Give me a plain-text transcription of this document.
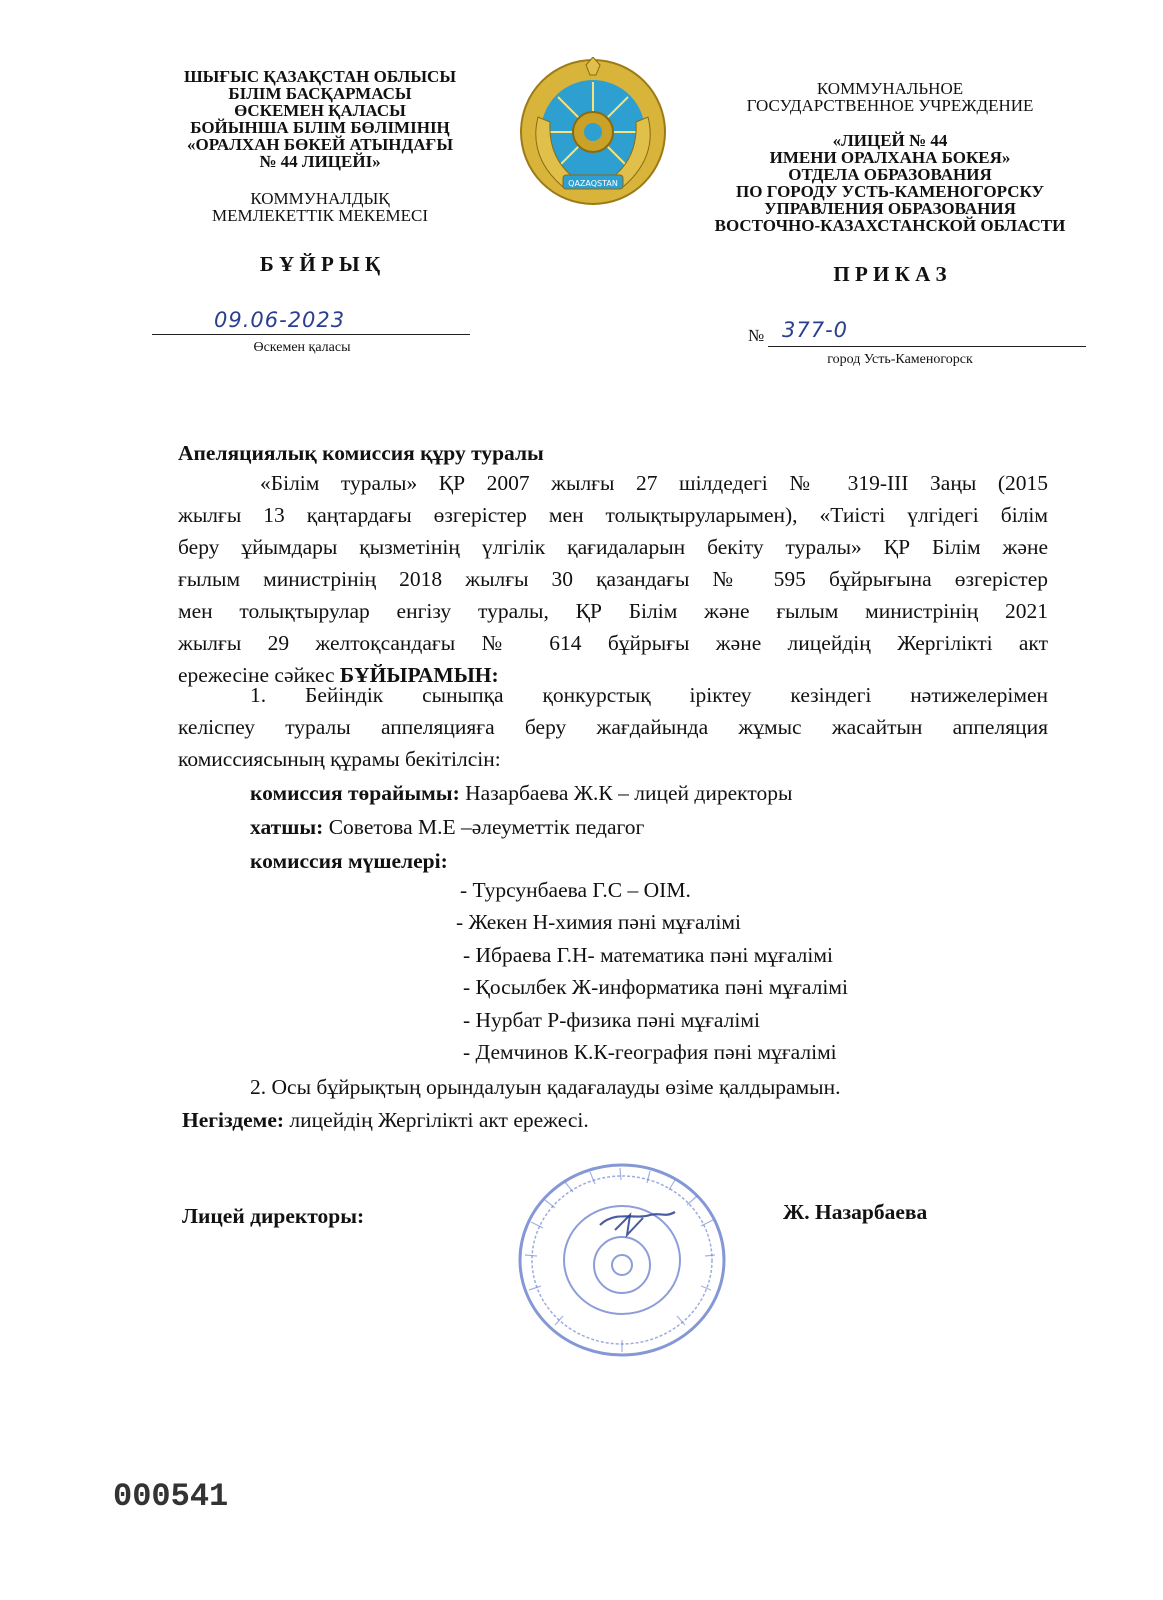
ШЫҒЫС ҚАЗАҚСТАН ОБЛЫСЫ
БІЛІМ БАСҚАРМАСЫ
ӨСКЕМЕН ҚАЛАСЫ
БОЙЫНША БІЛІМ БӨЛІМІНІҢ
«ОРАЛХАН БӨКЕЙ АТЫНДАҒЫ
№ 44 ЛИЦЕЙІ»
КОММУНАЛДЫҚ
МЕМЛЕКЕТТІК МЕКЕМЕСІ
QAZAQSTAN
КОММУНАЛЬНОЕ
ГОСУДАРСТВЕННОЕ УЧРЕЖДЕНИЕ
«ЛИЦЕЙ № 44
ИМЕНИ ОРАЛХАНА БОКЕЯ»
ОТДЕЛА ОБРАЗОВАНИЯ
ПО ГОРОДУ УСТЬ-КАМЕНОГОРСКУ
УПРАВЛЕНИЯ ОБРАЗОВАНИЯ
ВОСТОЧНО-КАЗАХСТАНСКОЙ ОБЛАСТИ
Б Ұ Й Р Ы Қ	П Р И К А З
09.06-2023
Өскемен қаласы
№ 377-0
город Усть-Каменогорск
Апеляциялық комиссия құру туралы
«Білім туралы» ҚР 2007 жылғы 27 шілдедегі № 319-ІІІ Заңы (2015
жылғы 13 қаңтардағы өзгерістер мен толықтыруларымен), «Тиісті үлгідегі білім
беру ұйымдары қызметінің үлгілік қағидаларын бекіту туралы» ҚР Білім және
ғылым министрінің 2018 жылғы 30 қазандағы № 595 бұйрығына өзгерістер
мен толықтырулар енгізу туралы, ҚР Білім және ғылым министрінің 2021
жылғы 29 желтоқсандағы № 614 бұйрығы және лицейдің Жергілікті акт
ережесіне сәйкес БҰЙЫРАМЫН:
1. Бейіндік сыныпқа қонкурстық іріктеу кезіндегі нәтижелерімен
келіспеу туралы аппеляцияға беру жағдайында жұмыс жасайтын аппеляция
комиссиясының құрамы бекітілсін:
комиссия төрайымы: Назарбаева Ж.К – лицей директоры
хатшы: Советова М.Е –әлеуметтік педагог
комиссия мүшелері:
- Турсунбаева Г.С – ОІМ.
- Жекен Н-химия пәні мұғалімі
- Ибраева Г.Н- математика пәні мұғалімі
- Қосылбек Ж-информатика пәні мұғалімі
- Нурбат Р-физика пәні мұғалімі
- Демчинов К.К-география пәні мұғалімі
2. Осы бұйрықтың орындалуын қадағалауды өзіме қалдырамын.
Негіздеме: лицейдің Жергілікті акт ережесі.
Лицей директоры:	Ж. Назарбаева
000541
